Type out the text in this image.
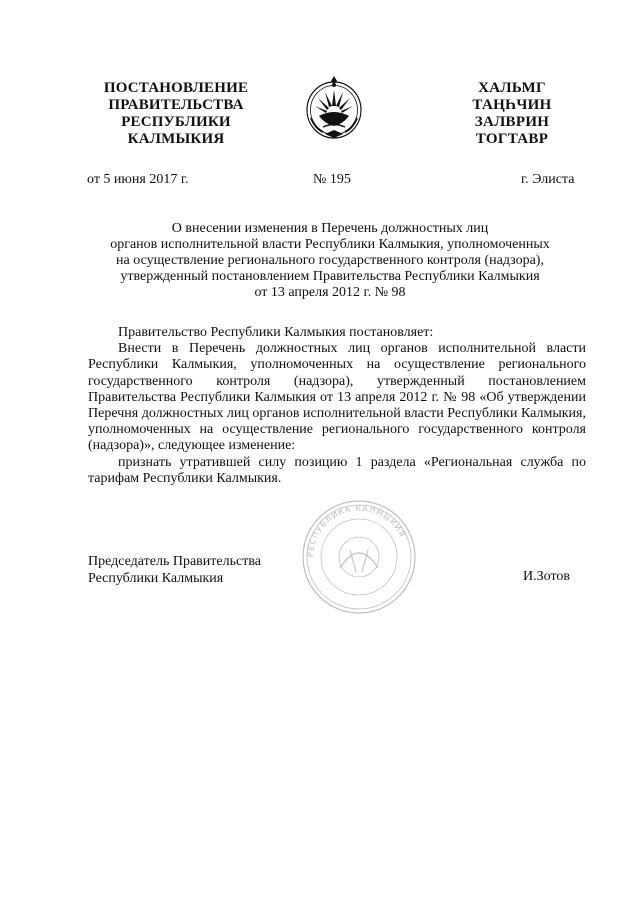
ПОСТАНОВЛЕНИЕ
ПРАВИТЕЛЬСТВА
РЕСПУБЛИКИ
КАЛМЫКИЯ
ХАЛЬМГ
ТАҢҺЧИН
ЗАЛВРИН
ТОГТАВР
от 5 июня 2017 г.	№ 195	г. Элиста
О внесении изменения в Перечень должностных лиц
органов исполнительной власти Республики Калмыкия, уполномоченных
на осуществление регионального государственного контроля (надзора),
утвержденный постановлением Правительства Республики Калмыкия
от 13 апреля 2012 г. № 98

Правительство Республики Калмыкия постановляет:

Внести в Перечень должностных лиц органов исполнительной власти Республики Калмыкия, уполномоченных на осуществление регионального государственного контроля (надзора), утвержденный постановлением Правительства Республики Калмыкия от 13 апреля 2012 г. № 98 «Об утверждении Перечня должностных лиц органов исполнительной власти Республики Калмыкия, уполномоченных на осуществление регионального государственного контроля (надзора)», следующее изменение:

признать утратившей силу позицию 1 раздела «Региональная служба по тарифам Республики Калмыкия.

РЕСПУБЛИКА КАЛМЫКИЯ
Председатель Правительства
Республики Калмыкия	И.Зотов
